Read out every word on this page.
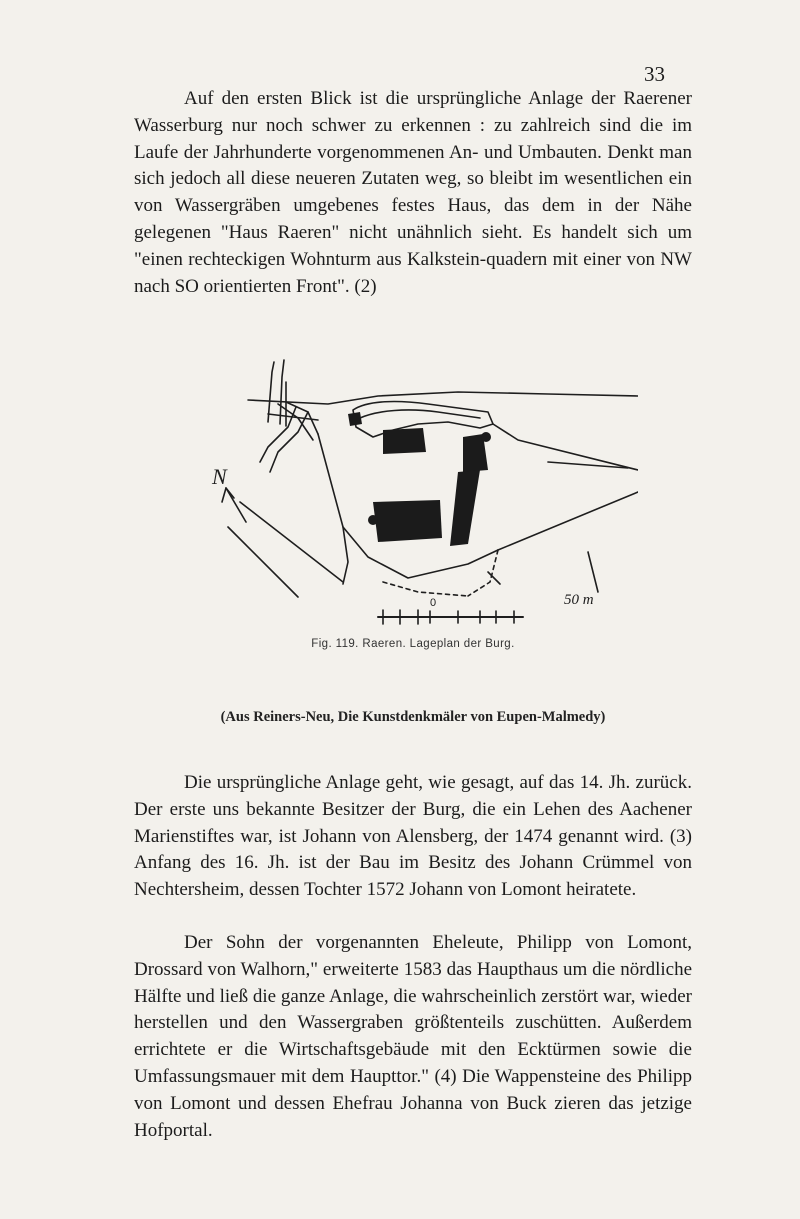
33

Auf den ersten Blick ist die ursprüngliche Anlage der Raerener Wasserburg nur noch schwer zu erkennen : zu zahlreich sind die im Laufe der Jahrhunderte vorgenommenen An- und Umbauten. Denkt man sich jedoch all diese neueren Zutaten weg, so bleibt im wesentlichen ein von Wassergräben umgebenes festes Haus, das dem in der Nähe gelegenen "Haus Raeren" nicht unähnlich sieht. Es handelt sich um "einen rechteckigen Wohnturm aus Kalkstein-quadern mit einer von NW nach SO orientierten Front". (2)

N
0	50 m
Fig. 119. Raeren. Lageplan der Burg.
(Aus Reiners-Neu, Die Kunstdenkmäler von Eupen-Malmedy)

Die ursprüngliche Anlage geht, wie gesagt, auf das 14. Jh. zurück. Der erste uns bekannte Besitzer der Burg, die ein Lehen des Aachener Marienstiftes war, ist Johann von Alensberg, der 1474 genannt wird. (3) Anfang des 16. Jh. ist der Bau im Besitz des Johann Crümmel von Nechtersheim, dessen Tochter 1572 Johann von Lomont heiratete.

Der Sohn der vorgenannten Eheleute, Philipp von Lomont, Drossard von Walhorn," erweiterte 1583 das Haupthaus um die nördliche Hälfte und ließ die ganze Anlage, die wahrscheinlich zerstört war, wieder herstellen und den Wassergraben größtenteils zuschütten. Außerdem errichtete er die Wirtschaftsgebäude mit den Ecktürmen sowie die Umfassungsmauer mit dem Haupttor." (4) Die Wappensteine des Philipp von Lomont und dessen Ehefrau Johanna von Buck zieren das jetzige Hofportal.
